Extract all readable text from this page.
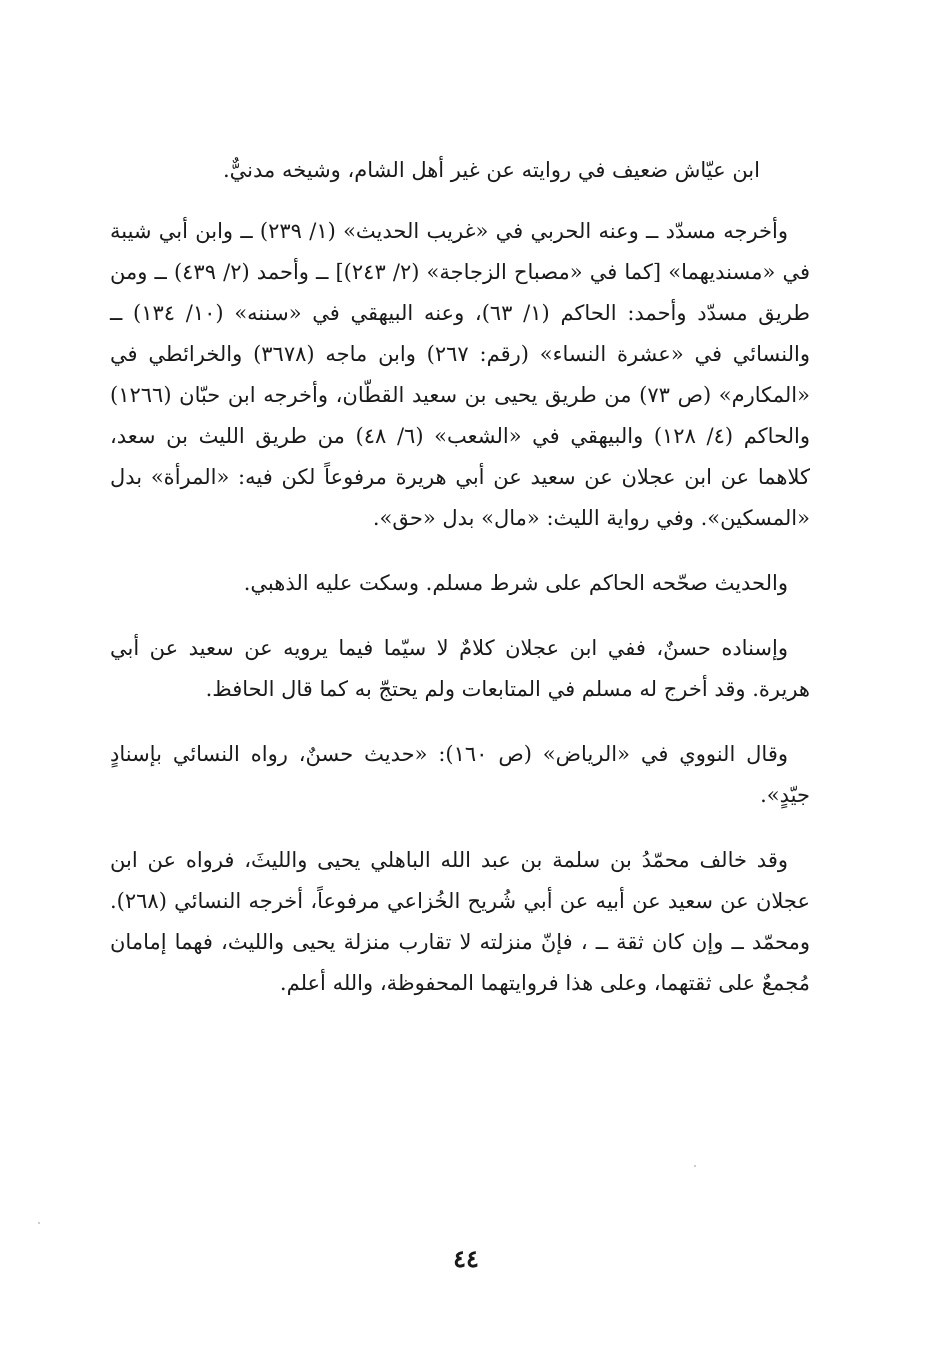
ابن عيّاش ضعيف في روايته عن غير أهل الشام، وشيخه مدنيٌّ.

وأخرجه مسدّد ــ وعنه الحربي في «غريب الحديث» (١/ ٢٣٩) ــ وابن أبي شيبة في «مسنديهما» [كما في «مصباح الزجاجة» (٢/ ٢٤٣)] ــ وأحمد (٢/ ٤٣٩) ــ ومن طريق مسدّد وأحمد: الحاكم (١/ ٦٣)، وعنه البيهقي في «سننه» (١٠/ ١٣٤) ــ والنسائي في «عشرة النساء» (رقم: ٢٦٧) وابن ماجه (٣٦٧٨) والخرائطي في «المكارم» (ص ٧٣) من طريق يحيى بن سعيد القطّان، وأخرجه ابن حبّان (١٢٦٦) والحاكم (٤/ ١٢٨) والبيهقي في «الشعب» (٦/ ٤٨) من طريق الليث بن سعد، كلاهما عن ابن عجلان عن سعيد عن أبي هريرة مرفوعاً لكن فيه: «المرأة» بدل «المسكين». وفي رواية الليث: «مال» بدل «حق».

والحديث صحّحه الحاكم على شرط مسلم. وسكت عليه الذهبي.

وإسناده حسنٌ، ففي ابن عجلان كلامٌ لا سيّما فيما يرويه عن سعيد عن أبي هريرة. وقد أخرج له مسلم في المتابعات ولم يحتجّ به كما قال الحافظ.

وقال النووي في «الرياض» (ص ١٦٠): «حديث حسنٌ، رواه النسائي بإسنادٍ جيّدٍ».

وقد خالف محمّدُ بن سلمة بن عبد الله الباهلي يحيى والليثَ، فرواه عن ابن عجلان عن سعيد عن أبيه عن أبي شُريح الخُزاعي مرفوعاً، أخرجه النسائي (٢٦٨). ومحمّد ــ وإن كان ثقة ــ ، فإنّ منزلته لا تقارب منزلة يحيى والليث، فهما إمامان مُجمعٌ على ثقتهما، وعلى هذا فروايتهما المحفوظة، والله أعلم.

٤٤
